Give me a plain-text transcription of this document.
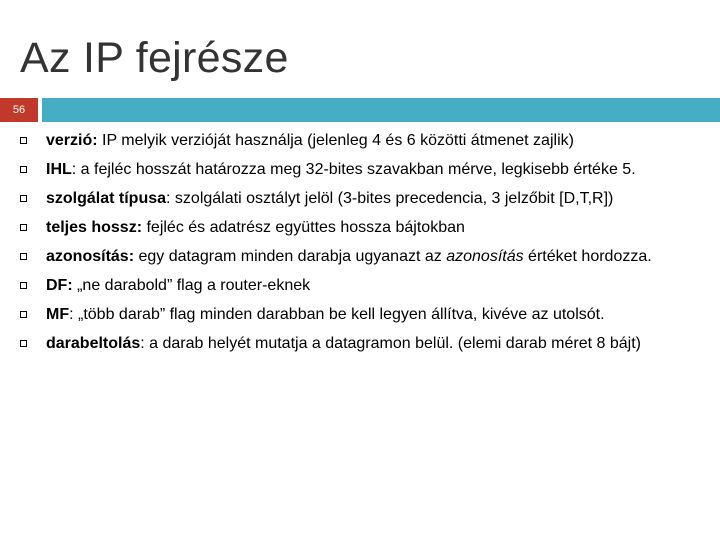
Az IP fejrésze
56
verzió: IP melyik verzióját használja (jelenleg 4 és 6 közötti átmenet zajlik)
IHL: a fejléc hosszát határozza meg 32-bites szavakban mérve, legkisebb értéke 5.
szolgálat típusa: szolgálati osztályt jelöl (3-bites precedencia, 3 jelzőbit [D,T,R])
teljes hossz: fejléc és adatrész együttes hossza bájtokban
azonosítás: egy datagram minden darabja ugyanazt az azonosítás értéket hordozza.
DF: „ne darabold” flag a router-eknek
MF: „több darab” flag minden darabban be kell legyen állítva, kivéve az utolsót.
darabeltolás: a darab helyét mutatja a datagramon belül. (elemi darab méret 8 bájt)
